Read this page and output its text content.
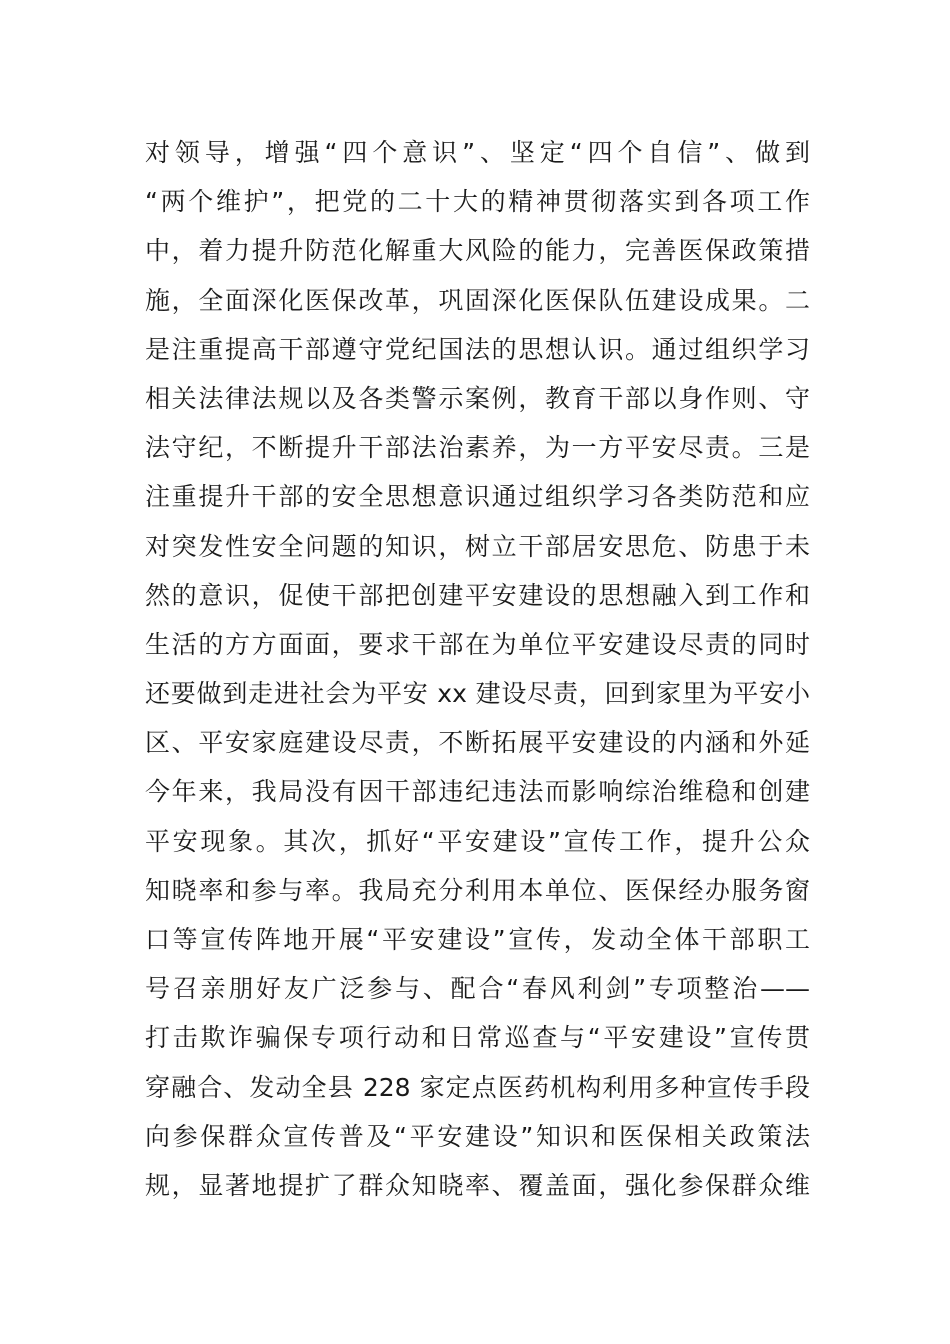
对领导，增强“四个意识”、坚定“四个自信”、做到
“两个维护”，把党的二十大的精神贯彻落实到各项工作
中，着力提升防范化解重大风险的能力，完善医保政策措
施，全面深化医保改革，巩固深化医保队伍建设成果。二
是注重提高干部遵守党纪国法的思想认识。通过组织学习
相关法律法规以及各类警示案例，教育干部以身作则、守
法守纪，不断提升干部法治素养，为一方平安尽责。三是
注重提升干部的安全思想意识通过组织学习各类防范和应
对突发性安全问题的知识，树立干部居安思危、防患于未
然的意识，促使干部把创建平安建设的思想融入到工作和
生活的方方面面，要求干部在为单位平安建设尽责的同时
还要做到走进社会为平安 xx 建设尽责，回到家里为平安小
区、平安家庭建设尽责，不断拓展平安建设的内涵和外延
今年来，我局没有因干部违纪违法而影响综治维稳和创建
平安现象。其次，抓好“平安建设”宣传工作，提升公众
知晓率和参与率。我局充分利用本单位、医保经办服务窗
口等宣传阵地开展“平安建设”宣传，发动全体干部职工
号召亲朋好友广泛参与、配合“春风利剑”专项整治——
打击欺诈骗保专项行动和日常巡查与“平安建设”宣传贯
穿融合、发动全县 228 家定点医药机构利用多种宣传手段
向参保群众宣传普及“平安建设”知识和医保相关政策法
规，显著地提扩了群众知晓率、覆盖面，强化参保群众维
